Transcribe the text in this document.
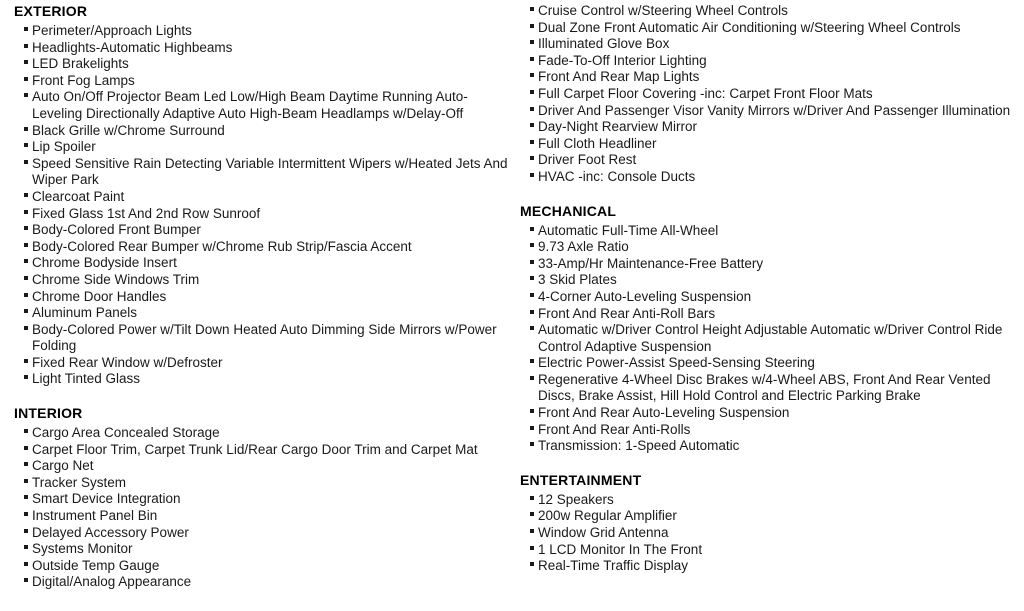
EXTERIOR
Perimeter/Approach Lights
Headlights-Automatic Highbeams
LED Brakelights
Front Fog Lamps
Auto On/Off Projector Beam Led Low/High Beam Daytime Running Auto-Leveling Directionally Adaptive Auto High-Beam Headlamps w/Delay-Off
Black Grille w/Chrome Surround
Lip Spoiler
Speed Sensitive Rain Detecting Variable Intermittent Wipers w/Heated Jets And Wiper Park
Clearcoat Paint
Fixed Glass 1st And 2nd Row Sunroof
Body-Colored Front Bumper
Body-Colored Rear Bumper w/Chrome Rub Strip/Fascia Accent
Chrome Bodyside Insert
Chrome Side Windows Trim
Chrome Door Handles
Aluminum Panels
Body-Colored Power w/Tilt Down Heated Auto Dimming Side Mirrors w/Power Folding
Fixed Rear Window w/Defroster
Light Tinted Glass
INTERIOR
Cargo Area Concealed Storage
Carpet Floor Trim, Carpet Trunk Lid/Rear Cargo Door Trim and Carpet Mat
Cargo Net
Tracker System
Smart Device Integration
Instrument Panel Bin
Delayed Accessory Power
Systems Monitor
Outside Temp Gauge
Digital/Analog Appearance
Cruise Control w/Steering Wheel Controls
Dual Zone Front Automatic Air Conditioning w/Steering Wheel Controls
Illuminated Glove Box
Fade-To-Off Interior Lighting
Front And Rear Map Lights
Full Carpet Floor Covering -inc: Carpet Front Floor Mats
Driver And Passenger Visor Vanity Mirrors w/Driver And Passenger Illumination
Day-Night Rearview Mirror
Full Cloth Headliner
Driver Foot Rest
HVAC -inc: Console Ducts
MECHANICAL
Automatic Full-Time All-Wheel
9.73 Axle Ratio
33-Amp/Hr Maintenance-Free Battery
3 Skid Plates
4-Corner Auto-Leveling Suspension
Front And Rear Anti-Roll Bars
Automatic w/Driver Control Height Adjustable Automatic w/Driver Control Ride Control Adaptive Suspension
Electric Power-Assist Speed-Sensing Steering
Regenerative 4-Wheel Disc Brakes w/4-Wheel ABS, Front And Rear Vented Discs, Brake Assist, Hill Hold Control and Electric Parking Brake
Front And Rear Auto-Leveling Suspension
Front And Rear Anti-Rolls
Transmission: 1-Speed Automatic
ENTERTAINMENT
12 Speakers
200w Regular Amplifier
Window Grid Antenna
1 LCD Monitor In The Front
Real-Time Traffic Display
